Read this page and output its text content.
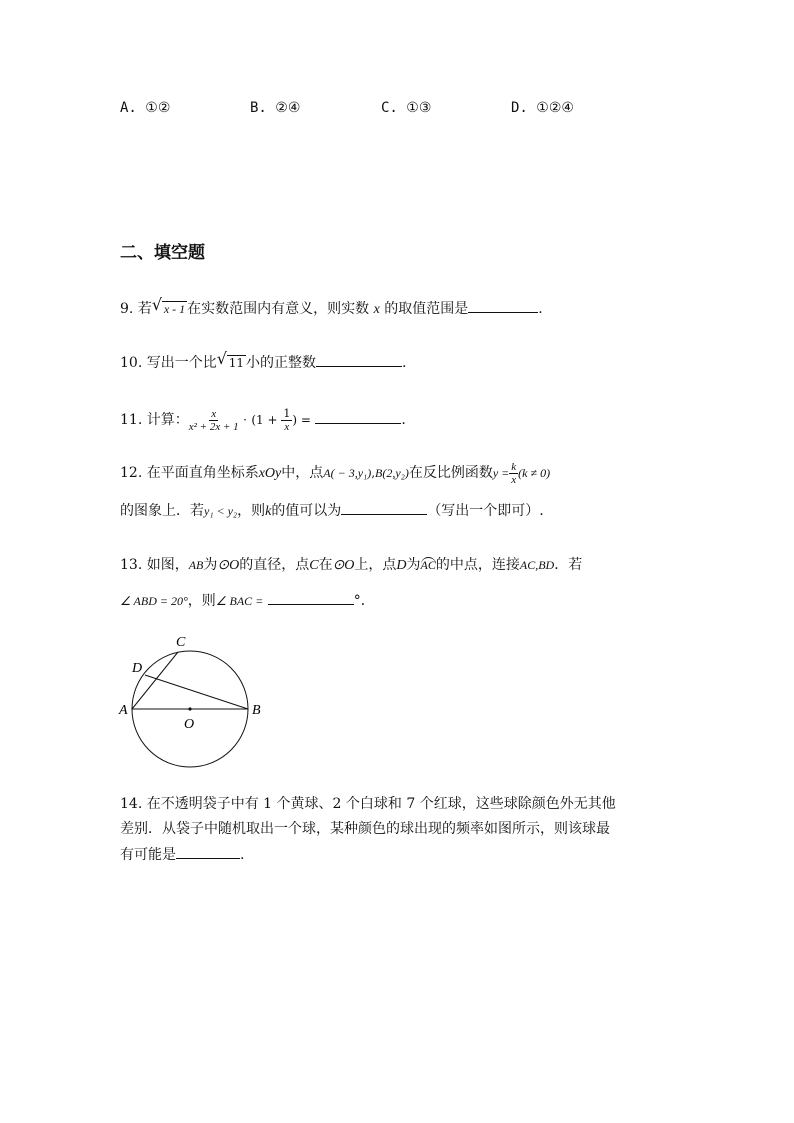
A. ①②	B. ②④	C. ①③	D. ①②④
二、填空题
9. 若 √ x - 1 在实数范围内有意义，则实数 x 的取值范围是	.
10. 写出一个比 √ 11 小的正整数	.
11. 计算： $\frac{x}{\text{x² + 2x + 1}} \cdot (1 + \frac{1}{x}$ ) =	.
12. 在平面直角坐标系xOy中，点A( − 3,y₁),B(2,y₂)在反比例函数$y = \frac{k}{x} (k \ne 0)$
的图象上．若y₁ < y₂，则k的值可以为	（写出一个即可）.
13. 如图，AB为⊙O的直径，点C在⊙O上，点D为AC的中点，连接AC,BD．若
∠ ABD = 20°，则∠ BAC =	°．
C
D
A	B
O
14. 在不透明袋子中有 1 个黄球、2 个白球和 7 个红球，这些球除颜色外无其他
差别．从袋子中随机取出一个球，某种颜色的球出现的频率如图所示，则该球最
有可能是	.
